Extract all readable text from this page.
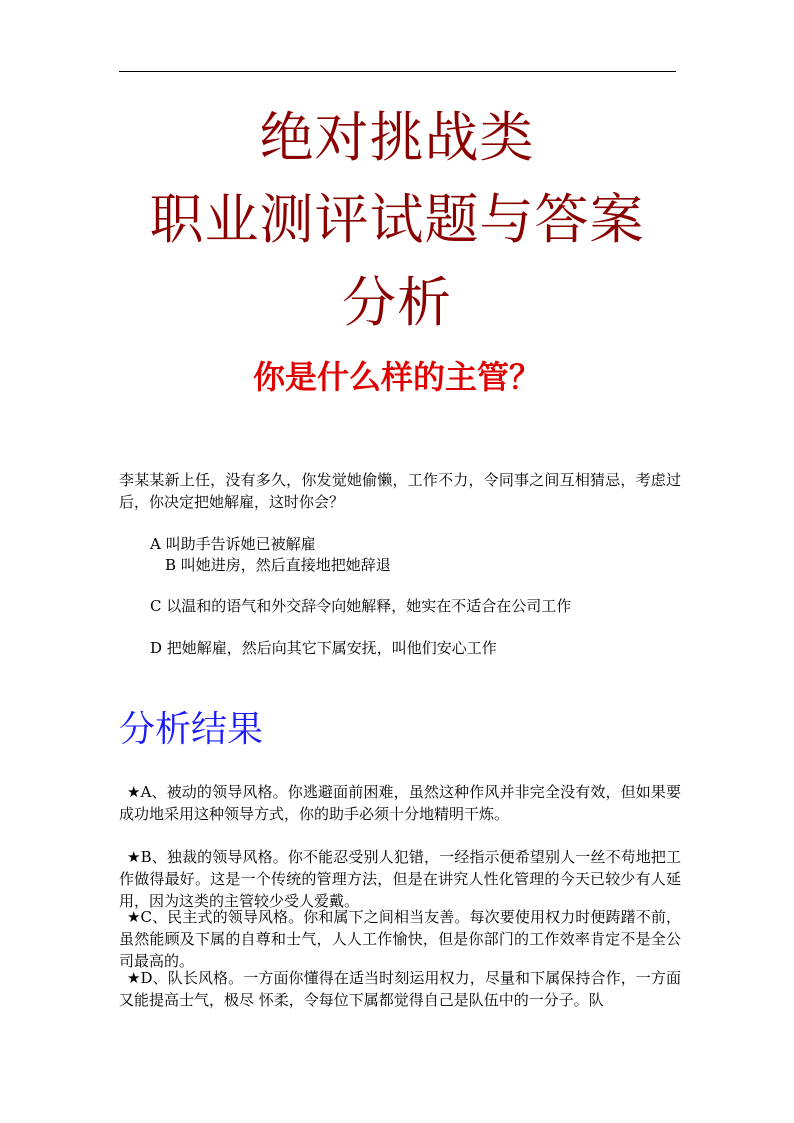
绝对挑战类
职业测评试题与答案
分析
你是什么样的主管？
李某某新上任，没有多久，你发觉她偷懒，工作不力，令同事之间互相猜忌，考虑过后，你决定把她解雇，这时你会？
A 叫助手告诉她已被解雇
B 叫她进房，然后直接地把她辞退
C 以温和的语气和外交辞令向她解释，她实在不适合在公司工作
D 把她解雇，然后向其它下属安抚，叫他们安心工作
分析结果
★A、被动的领导风格。你逃避面前困难，虽然这种作风并非完全没有效，但如果要成功地采用这种领导方式，你的助手必须十分地精明干炼。
★B、独裁的领导风格。你不能忍受别人犯错，一经指示便希望别人一丝不苟地把工作做得最好。这是一个传统的管理方法，但是在讲究人性化管理的今天已较少有人延用，因为这类的主管较少受人爱戴。
★C、民主式的领导风格。你和属下之间相当友善。每次要使用权力时便踌躇不前，虽然能顾及下属的自尊和士气，人人工作愉快，但是你部门的工作效率肯定不是全公司最高的。
★D、队长风格。一方面你懂得在适当时刻运用权力，尽量和下属保持合作，一方面又能提高士气，极尽 怀柔，令每位下属都觉得自己是队伍中的一分子。队
